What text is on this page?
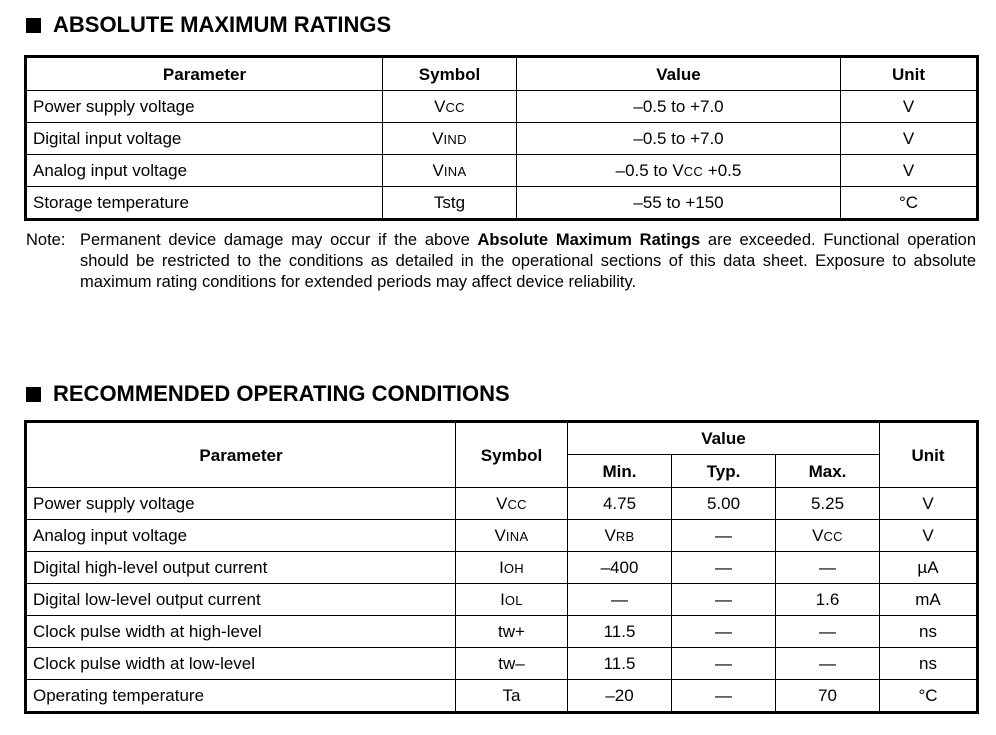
ABSOLUTE MAXIMUM RATINGS
Parameter	Symbol	Value	Unit
Power supply voltage	VCC	–0.5 to +7.0	V
Digital input voltage	VIND	–0.5 to +7.0	V
Analog input voltage	VINA	–0.5 to VCC +0.5	V
Storage temperature	Tstg	–55 to +150	°C
Note: Permanent device damage may occur if the above Absolute Maximum Ratings are exceeded. Functional operation should be restricted to the conditions as detailed in the operational sections of this data sheet. Exposure to absolute maximum rating conditions for extended periods may affect device reliability.
RECOMMENDED OPERATING CONDITIONS
Parameter	Symbol	Value			Unit
		Min.	Typ.	Max.	
Power supply voltage	VCC	4.75	5.00	5.25	V
Analog input voltage	VINA	VRB	—	VCC	V
Digital high-level output current	IOH	–400	—	—	µA
Digital low-level output current	IOL	—	—	1.6	mA
Clock pulse width at high-level	tw+	11.5	—	—	ns
Clock pulse width at low-level	tw–	11.5	—	—	ns
Operating temperature	Ta	–20	—	70	°C
